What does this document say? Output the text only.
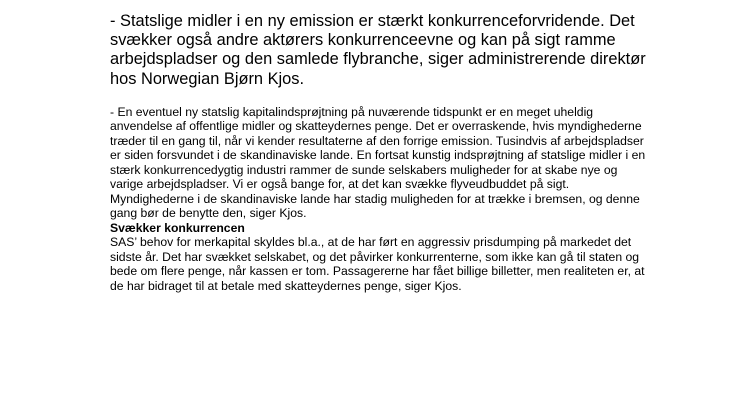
- Statslige midler i en ny emission er stærkt konkurrenceforvridende. Det svækker også andre aktørers konkurrenceevne og kan på sigt ramme arbejdspladser og den samlede flybranche, siger administrerende direktør hos Norwegian Bjørn Kjos.

- En eventuel ny statslig kapitalindsprøjtning på nuværende tidspunkt er en meget uheldig anvendelse af offentlige midler og skatteydernes penge. Det er overraskende, hvis myndighederne træder til en gang til, når vi kender resultaterne af den forrige emission. Tusindvis af arbejdspladser er siden forsvundet i de skandinaviske lande. En fortsat kunstig indsprøjtning af statslige midler i en stærk konkurrencedygtig industri rammer de sunde selskabers muligheder for at skabe nye og varige arbejdspladser. Vi er også bange for, at det kan svække flyveudbuddet på sigt. Myndighederne i de skandinaviske lande har stadig muligheden for at trække i bremsen, og denne gang bør de benytte den, siger Kjos.

Svækker konkurrencen

SAS’ behov for merkapital skyldes bl.a., at de har ført en aggressiv prisdumping på markedet det sidste år. Det har svækket selskabet, og det påvirker konkurrenterne, som ikke kan gå til staten og bede om flere penge, når kassen er tom. Passagererne har fået billige billetter, men realiteten er, at de har bidraget til at betale med skatteydernes penge, siger Kjos.
